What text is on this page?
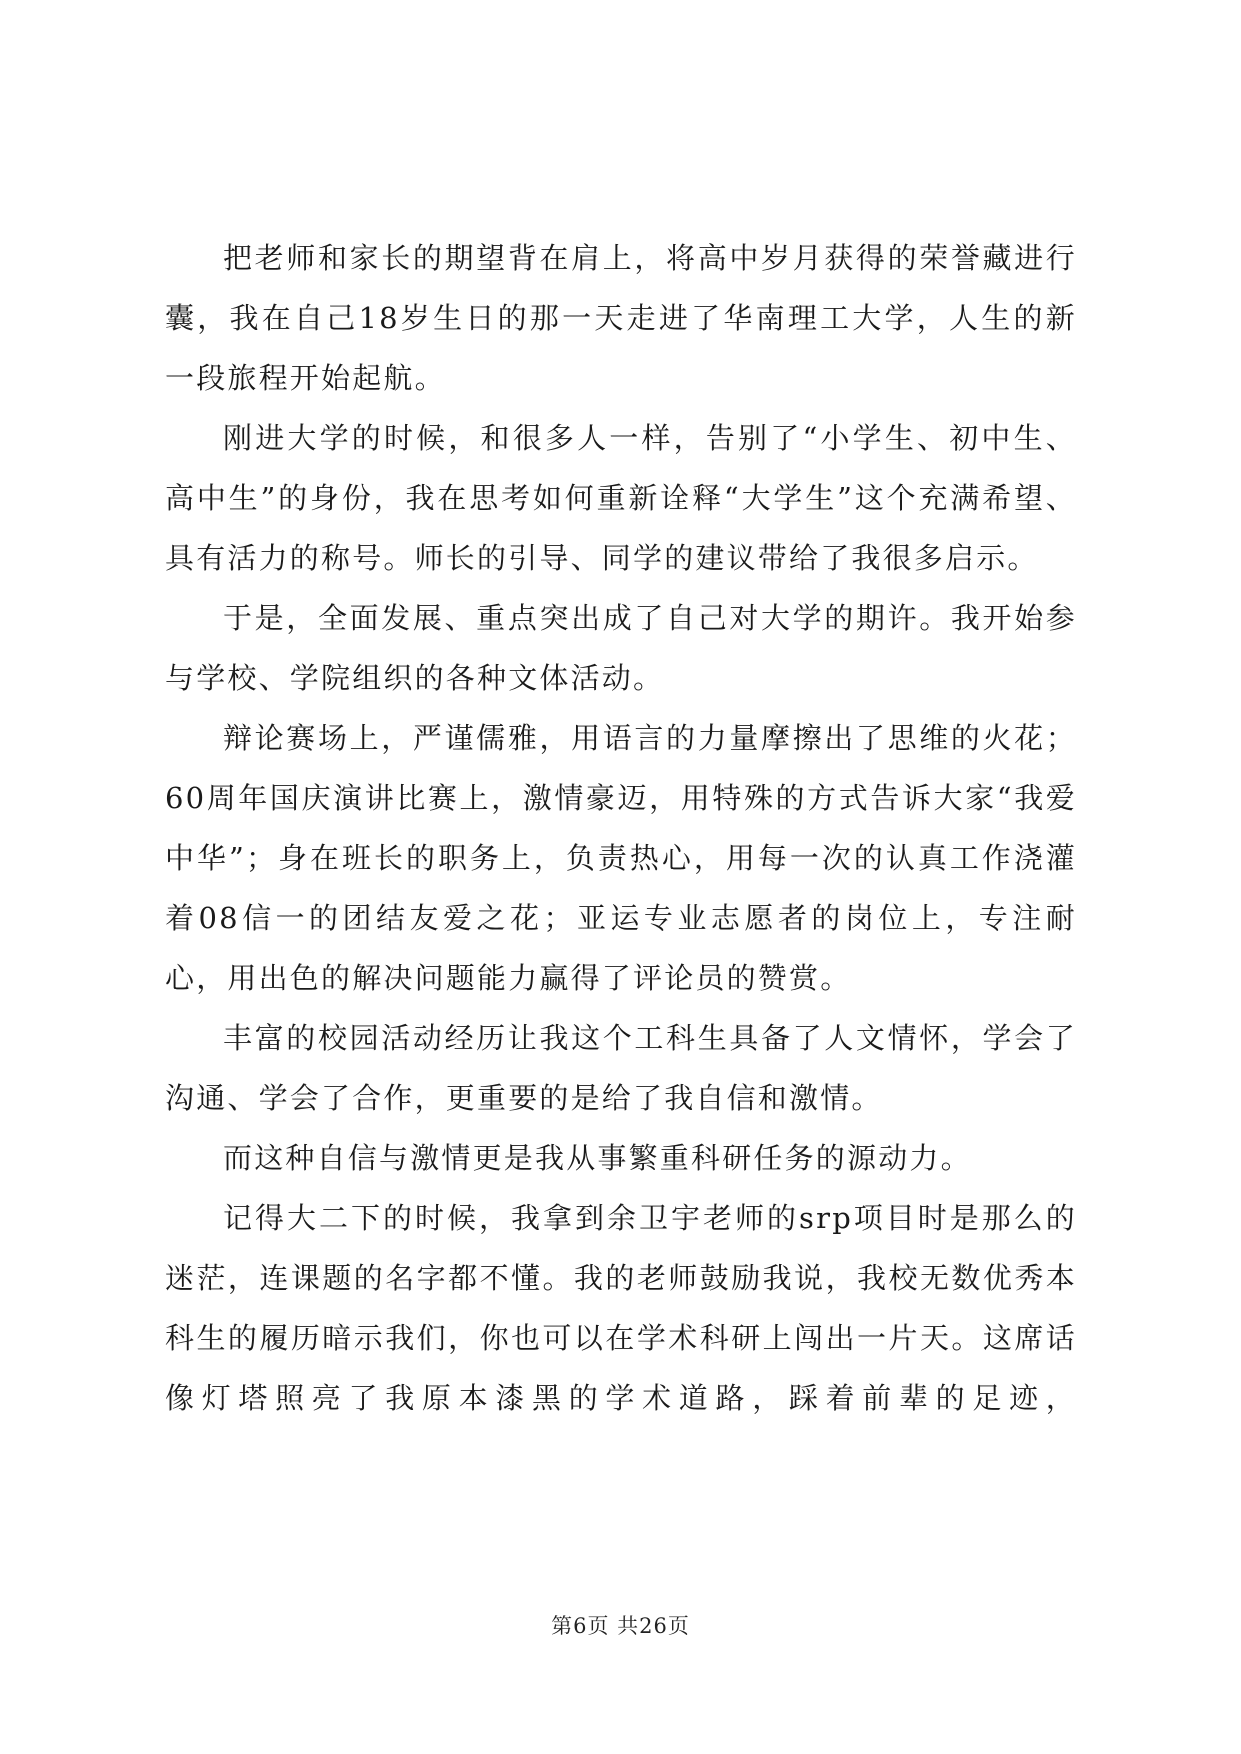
把老师和家长的期望背在肩上，将高中岁月获得的荣誉藏进行囊，我在自己18岁生日的那一天走进了华南理工大学，人生的新一段旅程开始起航。

刚进大学的时候，和很多人一样，告别了“小学生、初中生、高中生”的身份，我在思考如何重新诠释“大学生”这个充满希望、具有活力的称号。师长的引导、同学的建议带给了我很多启示。

于是，全面发展、重点突出成了自己对大学的期许。我开始参与学校、学院组织的各种文体活动。

辩论赛场上，严谨儒雅，用语言的力量摩擦出了思维的火花；60周年国庆演讲比赛上，激情豪迈，用特殊的方式告诉大家“我爱中华”；身在班长的职务上，负责热心，用每一次的认真工作浇灌着08信一的团结友爱之花；亚运专业志愿者的岗位上，专注耐心，用出色的解决问题能力赢得了评论员的赞赏。

丰富的校园活动经历让我这个工科生具备了人文情怀，学会了沟通、学会了合作，更重要的是给了我自信和激情。

而这种自信与激情更是我从事繁重科研任务的源动力。

记得大二下的时候，我拿到余卫宇老师的srp项目时是那么的迷茫，连课题的名字都不懂。我的老师鼓励我说，我校无数优秀本科生的履历暗示我们，你也可以在学术科研上闯出一片天。这席话像灯塔照亮了我原本漆黑的学术道路，踩着前辈的足迹，

第6页 共26页
